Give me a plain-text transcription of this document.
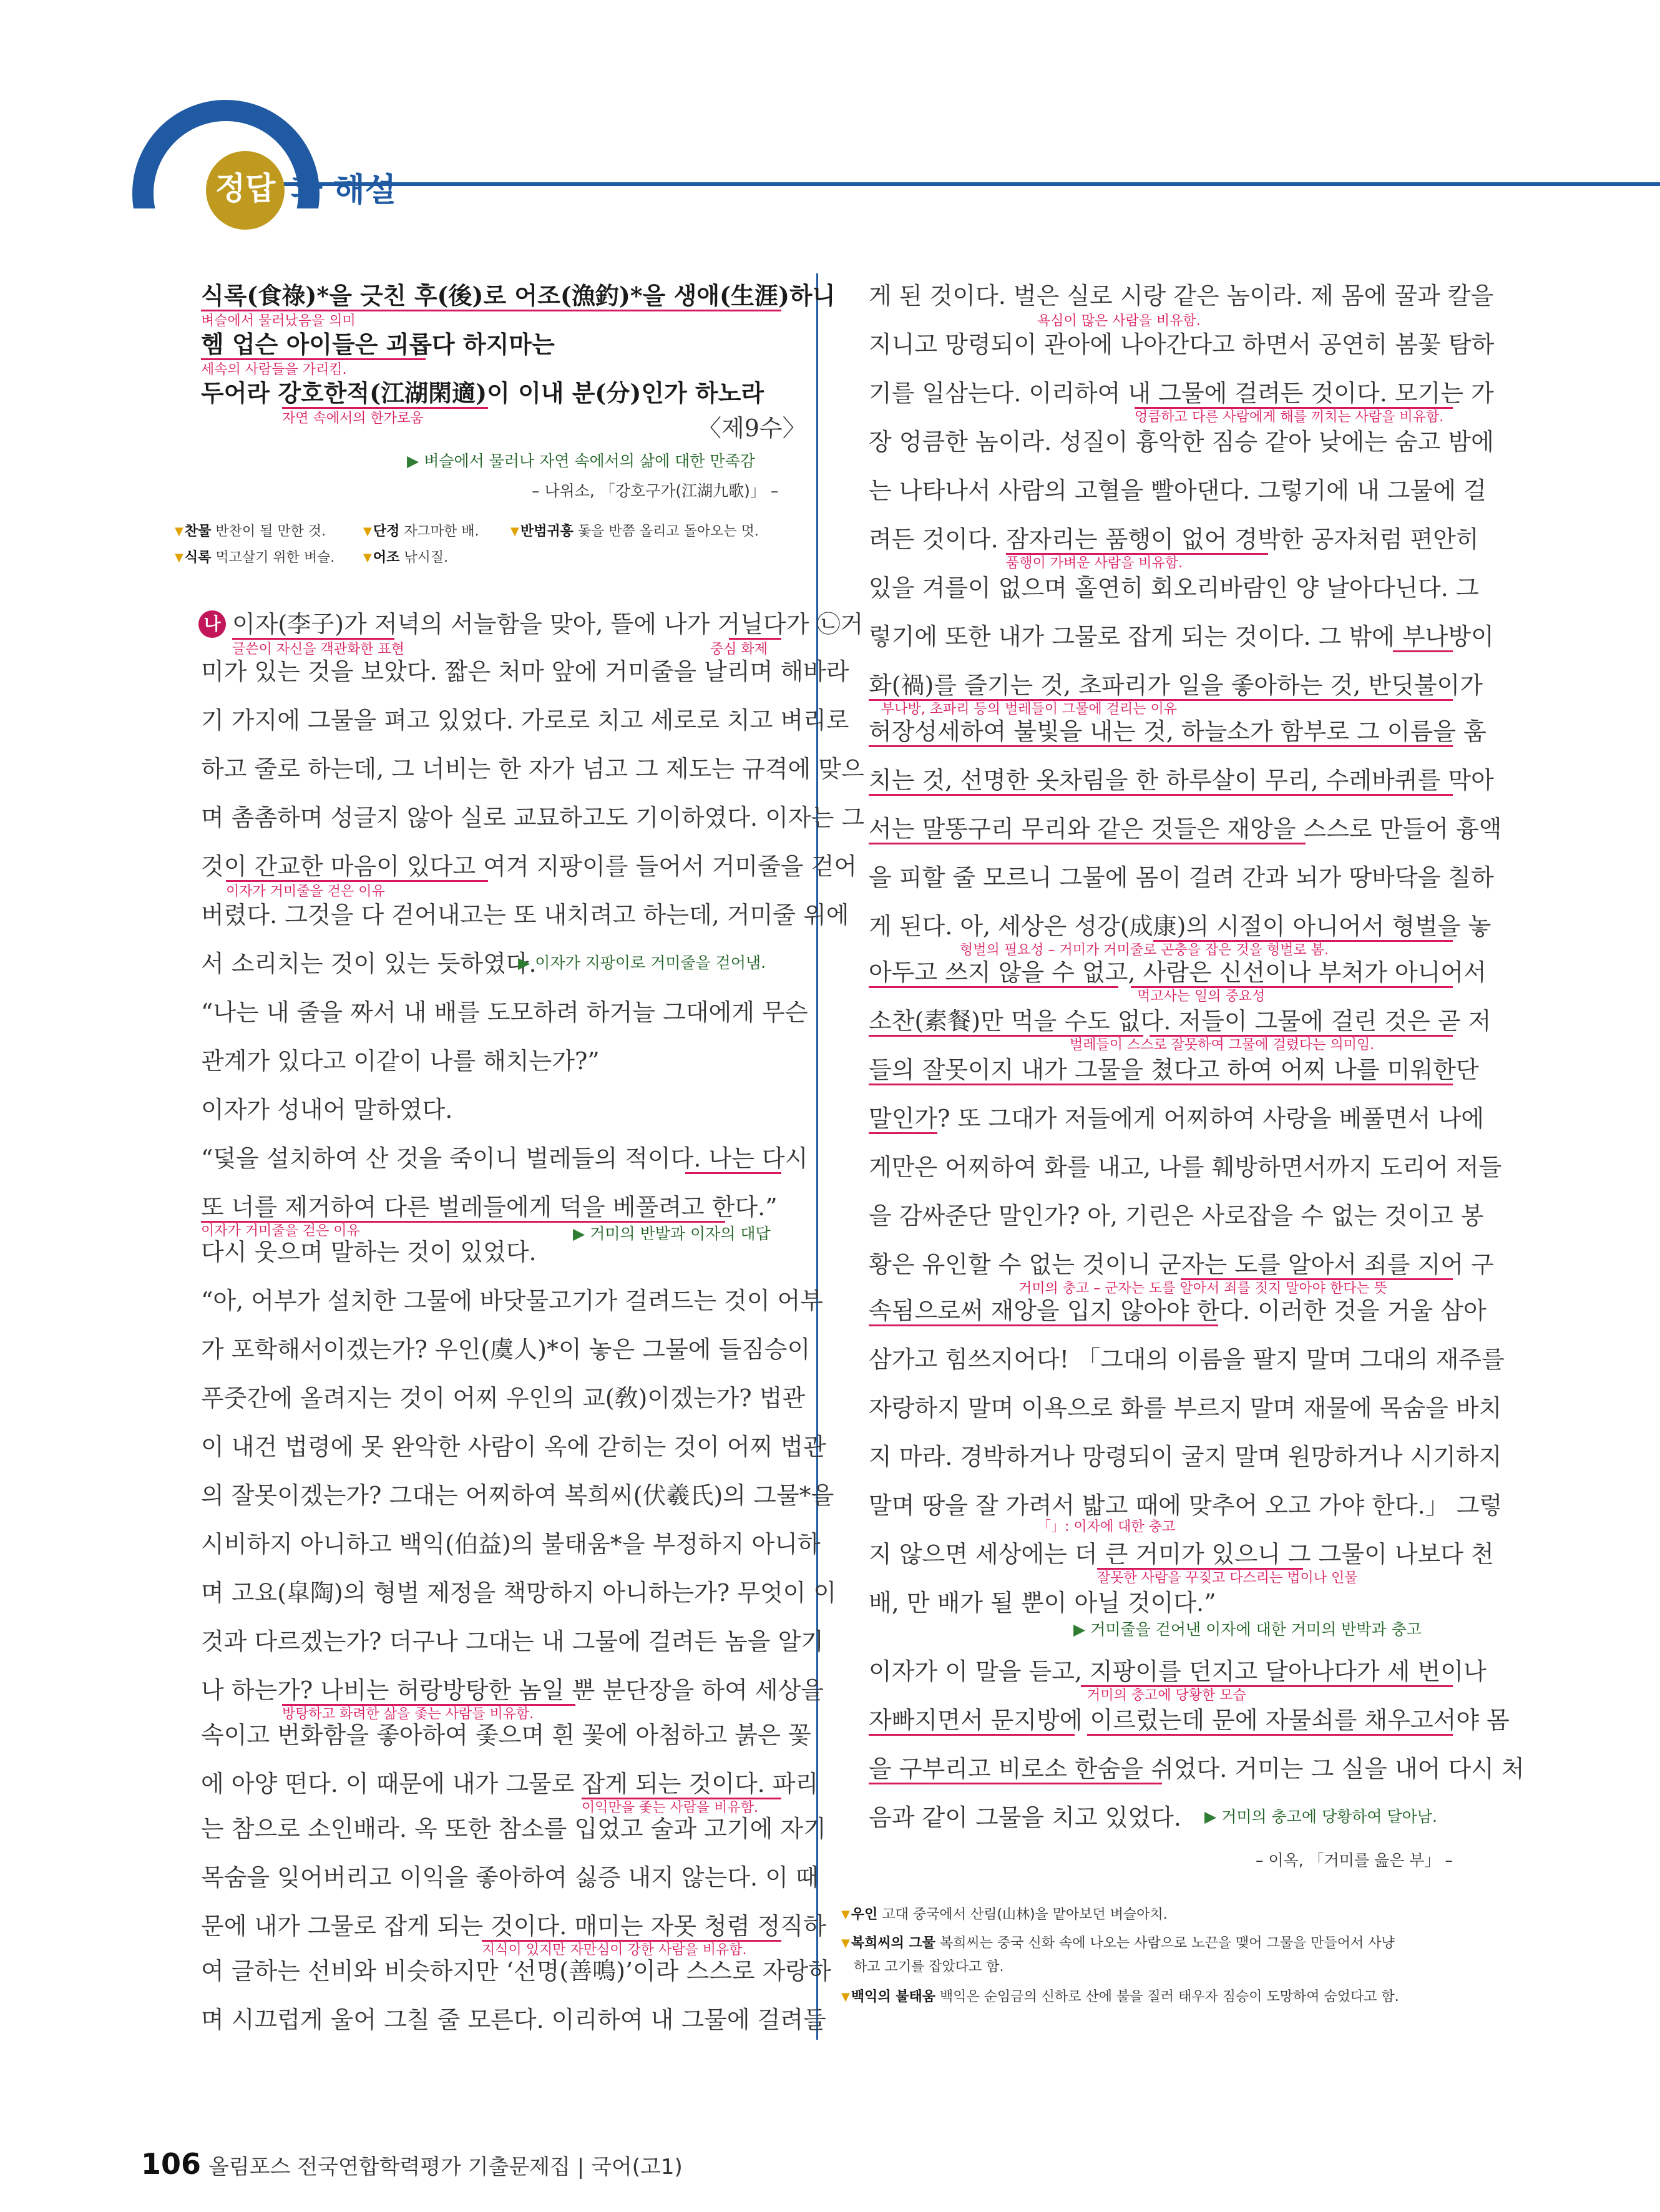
정답 과 해설
식록(食祿)*을 긋친 후(後)로 어조(漁釣)*을 생애(生涯)하니
벼슬에서 물러났음을 의미
헴 업슨 아이들은 괴롭다 하지마는
세속의 사람들을 가리킴.
두어라 강호한적(江湖閑適)이 이내 분(分)인가 하노라
자연 속에서의 한가로움	〈제9수〉
▶ 벼슬에서 물러나 자연 속에서의 삶에 대한 만족감
– 나위소, 「강호구가(江湖九歌)」 –
▼찬물 반찬이 될 만한 것.	▼단정 자그마한 배.	▼반범귀흥 돛을 반쯤 올리고 돌아오는 멋.
▼식록 먹고살기 위한 벼슬.	▼어조 낚시질.
나 이자(李子)가 저녁의 서늘함을 맞아, 뜰에 나가 거닐다가 ㉡거
글쓴이 자신을 객관화한 표현	중심 화제
미가 있는 것을 보았다. 짧은 처마 앞에 거미줄을 날리며 해바라
기 가지에 그물을 펴고 있었다. 가로로 치고 세로로 치고 벼리로
하고 줄로 하는데, 그 너비는 한 자가 넘고 그 제도는 규격에 맞으
며 촘촘하며 성글지 않아 실로 교묘하고도 기이하였다. 이자는 그
것이 간교한 마음이 있다고 여겨 지팡이를 들어서 거미줄을 걷어
이자가 거미줄을 걷은 이유
버렸다. 그것을 다 걷어내고는 또 내치려고 하는데, 거미줄 위에
서 소리치는 것이 있는 듯하였다.
▶ 이자가 지팡이로 거미줄을 걷어냄.
“나는 내 줄을 짜서 내 배를 도모하려 하거늘 그대에게 무슨
관계가 있다고 이같이 나를 해치는가?”
이자가 성내어 말하였다.
“덫을 설치하여 산 것을 죽이니 벌레들의 적이다. 나는 다시
또 너를 제거하여 다른 벌레들에게 덕을 베풀려고 한다.”
이자가 거미줄을 걷은 이유
다시 웃으며 말하는 것이 있었다.
▶ 거미의 반발과 이자의 대답
“아, 어부가 설치한 그물에 바닷물고기가 걸려드는 것이 어부
가 포학해서이겠는가? 우인(虞人)*이 놓은 그물에 들짐승이
푸줏간에 올려지는 것이 어찌 우인의 교(敎)이겠는가? 법관
이 내건 법령에 못 완악한 사람이 옥에 갇히는 것이 어찌 법관
의 잘못이겠는가? 그대는 어찌하여 복희씨(伏羲氏)의 그물*을
시비하지 아니하고 백익(伯益)의 불태움*을 부정하지 아니하
며 고요(皐陶)의 형벌 제정을 책망하지 아니하는가? 무엇이 이
것과 다르겠는가? 더구나 그대는 내 그물에 걸려든 놈을 알기
나 하는가? 나비는 허랑방탕한 놈일 뿐 분단장을 하여 세상을
방탕하고 화려한 삶을 좇는 사람들 비유함.
속이고 번화함을 좋아하여 좇으며 흰 꽃에 아첨하고 붉은 꽃
에 아양 떤다. 이 때문에 내가 그물로 잡게 되는 것이다. 파리
이익만을 좇는 사람을 비유함.
는 참으로 소인배라. 옥 또한 참소를 입었고 술과 고기에 자기
목숨을 잊어버리고 이익을 좋아하여 싫증 내지 않는다. 이 때
문에 내가 그물로 잡게 되는 것이다. 매미는 자못 청렴 정직하
지식이 있지만 자만심이 강한 사람을 비유함.
여 글하는 선비와 비슷하지만 ‘선명(善鳴)’이라 스스로 자랑하
며 시끄럽게 울어 그칠 줄 모른다. 이리하여 내 그물에 걸려들
게 된 것이다. 벌은 실로 시랑 같은 놈이라. 제 몸에 꿀과 칼을
욕심이 많은 사람을 비유함.
지니고 망령되이 관아에 나아간다고 하면서 공연히 봄꽃 탐하
기를 일삼는다. 이리하여 내 그물에 걸려든 것이다. 모기는 가
엉큼하고 다른 사람에게 해를 끼치는 사람을 비유함.
장 엉큼한 놈이라. 성질이 흉악한 짐승 같아 낮에는 숨고 밤에
는 나타나서 사람의 고혈을 빨아댄다. 그렇기에 내 그물에 걸
려든 것이다. 잠자리는 품행이 없어 경박한 공자처럼 편안히
품행이 가벼운 사람을 비유함.
있을 겨를이 없으며 홀연히 회오리바람인 양 날아다닌다. 그
렇기에 또한 내가 그물로 잡게 되는 것이다. 그 밖에 부나방이
화(禍)를 즐기는 것, 초파리가 일을 좋아하는 것, 반딧불이가
부나방, 초파리 등의 벌레들이 그물에 걸리는 이유
허장성세하여 불빛을 내는 것, 하늘소가 함부로 그 이름을 훔
치는 것, 선명한 옷차림을 한 하루살이 무리, 수레바퀴를 막아
서는 말똥구리 무리와 같은 것들은 재앙을 스스로 만들어 흉액
을 피할 줄 모르니 그물에 몸이 걸려 간과 뇌가 땅바닥을 칠하
게 된다. 아, 세상은 성강(成康)의 시절이 아니어서 형벌을 놓
형벌의 필요성 – 거미가 거미줄로 곤충을 잡은 것을 형벌로 봄.
아두고 쓰지 않을 수 없고, 사람은 신선이나 부처가 아니어서
먹고사는 일의 중요성
소찬(素餐)만 먹을 수도 없다. 저들이 그물에 걸린 것은 곧 저
벌레들이 스스로 잘못하여 그물에 걸렸다는 의미임.
들의 잘못이지 내가 그물을 쳤다고 하여 어찌 나를 미워한단
말인가? 또 그대가 저들에게 어찌하여 사랑을 베풀면서 나에
게만은 어찌하여 화를 내고, 나를 훼방하면서까지 도리어 저들
을 감싸준단 말인가? 아, 기린은 사로잡을 수 없는 것이고 봉
황은 유인할 수 없는 것이니 군자는 도를 알아서 죄를 지어 구
거미의 충고 – 군자는 도를 알아서 죄를 짓지 말아야 한다는 뜻
속됨으로써 재앙을 입지 않아야 한다. 이러한 것을 거울 삼아
삼가고 힘쓰지어다! 「그대의 이름을 팔지 말며 그대의 재주를
자랑하지 말며 이욕으로 화를 부르지 말며 재물에 목숨을 바치
지 마라. 경박하거나 망령되이 굴지 말며 원망하거나 시기하지
말며 땅을 잘 가려서 밟고 때에 맞추어 오고 가야 한다.」 그렇
「」: 이자에 대한 충고
지 않으면 세상에는 더 큰 거미가 있으니 그 그물이 나보다 천
잘못한 사람을 꾸짖고 다스리는 법이나 인물
배, 만 배가 될 뿐이 아닐 것이다.”
▶ 거미줄을 걷어낸 이자에 대한 거미의 반박과 충고
이자가 이 말을 듣고, 지팡이를 던지고 달아나다가 세 번이나
거미의 충고에 당황한 모습
자빠지면서 문지방에 이르렀는데 문에 자물쇠를 채우고서야 몸
을 구부리고 비로소 한숨을 쉬었다. 거미는 그 실을 내어 다시 처
음과 같이 그물을 치고 있었다.
▶	거미의 충고에 당황하여 달아남.
– 이옥, 「거미를 읊은 부」 –
▼우인 고대 중국에서 산림(山林)을 맡아보던 벼슬아치.
▼복희씨의 그물 복희씨는 중국 신화 속에 나오는 사람으로 노끈을 맺어 그물을 만들어서 사냥
하고 고기를 잡았다고 함.
▼백익의 불태움 백익은 순임금의 신하로 산에 불을 질러 태우자 짐승이 도망하여 숨었다고 함.
106 올림포스 전국연합학력평가 기출문제집 | 국어(고1)
